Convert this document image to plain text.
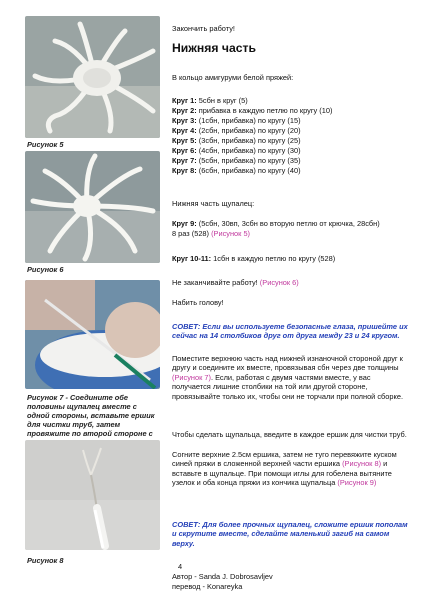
Рисунок 5
Рисунок 6
Рисунок 7 - Соедините обе половины щупалец вместе с одной стороны, вставьте ершик для чистки труб, затем провяжите по второй стороне с
Рисунок 8
Закончить работу!
Нижняя часть
В кольцо амигуруми белой пряжей:
Круг 1: 5сбн в круг (5)
Круг 2: прибавка в каждую петлю по кругу (10)
Круг 3: (1сбн, прибавка) по кругу (15)
Круг 4: (2сбн, прибавка) по кругу (20)
Круг 5: (3сбн, прибавка) по кругу (25)
Круг 6: (4сбн, прибавка) по кругу (30)
Круг 7: (5сбн, прибавка) по кругу (35)
Круг 8: (6сбн, прибавка) по кругу (40)
Нижняя часть щупалец:
Круг 9: (5сбн, 30вп, 3сбн во вторую петлю от крючка, 28сбн)
8 раз (528) (Рисунок 5)
Круг 10-11: 1сбн в каждую петлю по кругу (528)
Не заканчивайте работу! (Рисунок 6)
Набить голову!
СОВЕТ: Если вы используете безопасные глаза, пришейте их сейчас на 14 столбиков друг от друга между 23 и 24 кругом.
Поместите верхнюю часть над нижней изнаночной стороной друг к другу и соедините их вместе, провязывая сбн через две толщины (Рисунок 7). Если, работая с двумя частями вместе, у вас получается лишние столбики на той или другой стороне, провязывайте только их, чтобы они не торчали при полной сборке.
Чтобы сделать щупальца, введите в каждое ершик для чистки труб.
Согните верхние 2.5см ершика, затем не туго перевяжите куском синей пряжи в сложенной верхней части ершика (Рисунок 8) и вставьте в щупальце. При помощи иглы для гобелена вытяните узелок и оба конца пряжи из кончика щупальца (Рисунок 9)
СОВЕТ: Для более прочных щупалец, сложите ершик пополам и скрутите вместе, сделайте маленький загиб на самом верху.
4
Автор - Sanda J. Dobrosavljev
перевод - Konareyka
